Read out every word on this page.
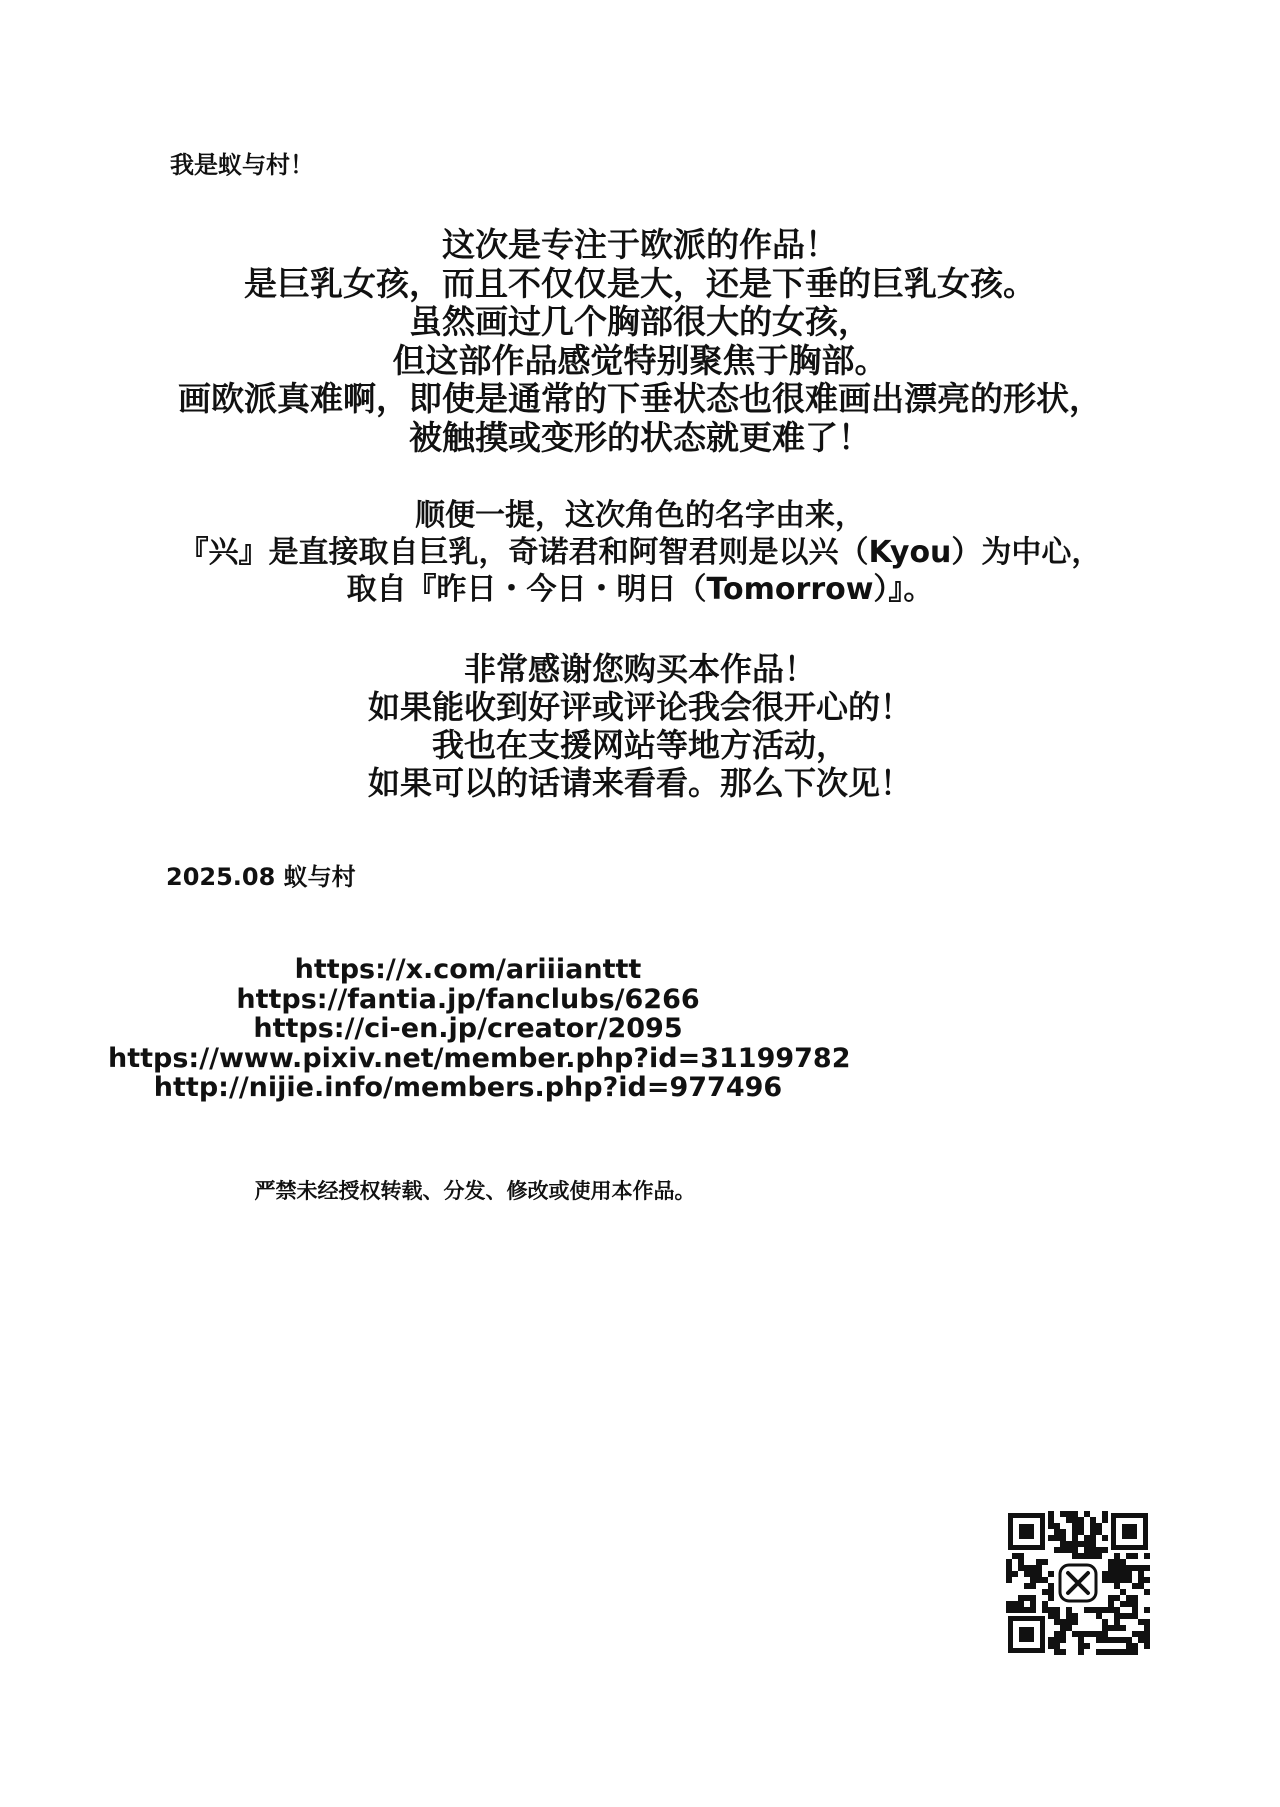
我是蚁与村！
这次是专注于欧派的作品！
是巨乳女孩，而且不仅仅是大，还是下垂的巨乳女孩。
虽然画过几个胸部很大的女孩，
但这部作品感觉特别聚焦于胸部。
画欧派真难啊，即使是通常的下垂状态也很难画出漂亮的形状，
被触摸或变形的状态就更难了！
顺便一提，这次角色的名字由来，
『兴』是直接取自巨乳，奇诺君和阿智君则是以兴（Kyou）为中心，
取自『昨日・今日・明日（Tomorrow）』。
非常感谢您购买本作品！
如果能收到好评或评论我会很开心的！
我也在支援网站等地方活动，
如果可以的话请来看看。那么下次见！
2025.08 蚁与村
https://x.com/ariiianttt
https://fantia.jp/fanclubs/6266
https://ci-en.jp/creator/2095
https://www.pixiv.net/member.php?id=31199782
http://nijie.info/members.php?id=977496
严禁未经授权转载、分发、修改或使用本作品。
